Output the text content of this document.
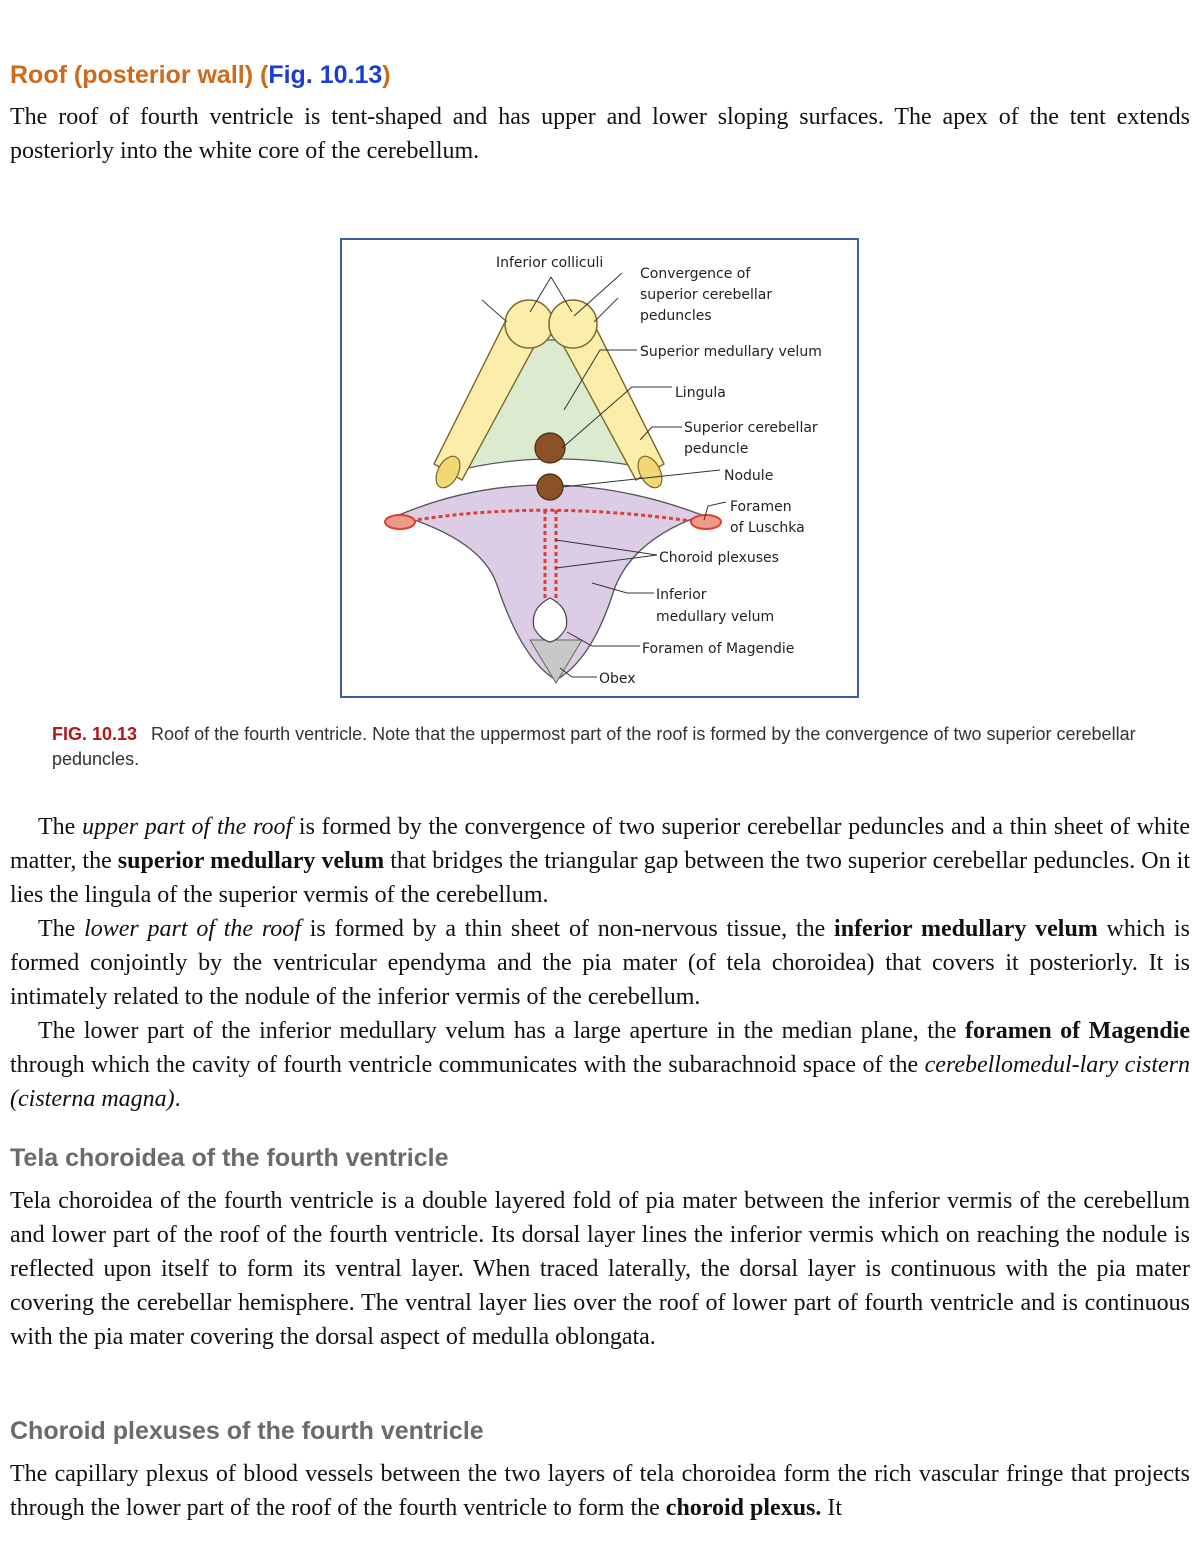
Roof (posterior wall) (Fig. 10.13)

The roof of fourth ventricle is tent-shaped and has upper and lower sloping surfaces. The apex of the tent extends posteriorly into the white core of the cerebellum.

Inferior colliculi
Convergence of
superior cerebellar
peduncles
Superior medullary velum
Lingula
Superior cerebellar
peduncle
Nodule
Foramen
of Luschka
Choroid plexuses
Inferior
medullary velum
Foramen of Magendie
Obex

FIG. 10.13 Roof of the fourth ventricle. Note that the uppermost part of the roof is formed by the convergence of two superior cerebellar peduncles.

The upper part of the roof is formed by the convergence of two superior cerebellar peduncles and a thin sheet of white matter, the superior medullary velum that bridges the triangular gap between the two superior cerebellar peduncles. On it lies the lingula of the superior vermis of the cerebellum.

The lower part of the roof is formed by a thin sheet of non-nervous tissue, the inferior medullary velum which is formed conjointly by the ventricular ependyma and the pia mater (of tela choroidea) that covers it posteriorly. It is intimately related to the nodule of the inferior vermis of the cerebellum.

The lower part of the inferior medullary velum has a large aperture in the median plane, the foramen of Magendie through which the cavity of fourth ventricle communicates with the subarachnoid space of the cerebellomedul-lary cistern (cisterna magna).

Tela choroidea of the fourth ventricle

Tela choroidea of the fourth ventricle is a double layered fold of pia mater between the inferior vermis of the cerebellum and lower part of the roof of the fourth ventricle. Its dorsal layer lines the inferior vermis which on reaching the nodule is reflected upon itself to form its ventral layer. When traced laterally, the dorsal layer is continuous with the pia mater covering the cerebellar hemisphere. The ventral layer lies over the roof of lower part of fourth ventricle and is continuous with the pia mater covering the dorsal aspect of medulla oblongata.

Choroid plexuses of the fourth ventricle

The capillary plexus of blood vessels between the two layers of tela choroidea form the rich vascular fringe that projects through the lower part of the roof of the fourth ventricle to form the choroid plexus. It
